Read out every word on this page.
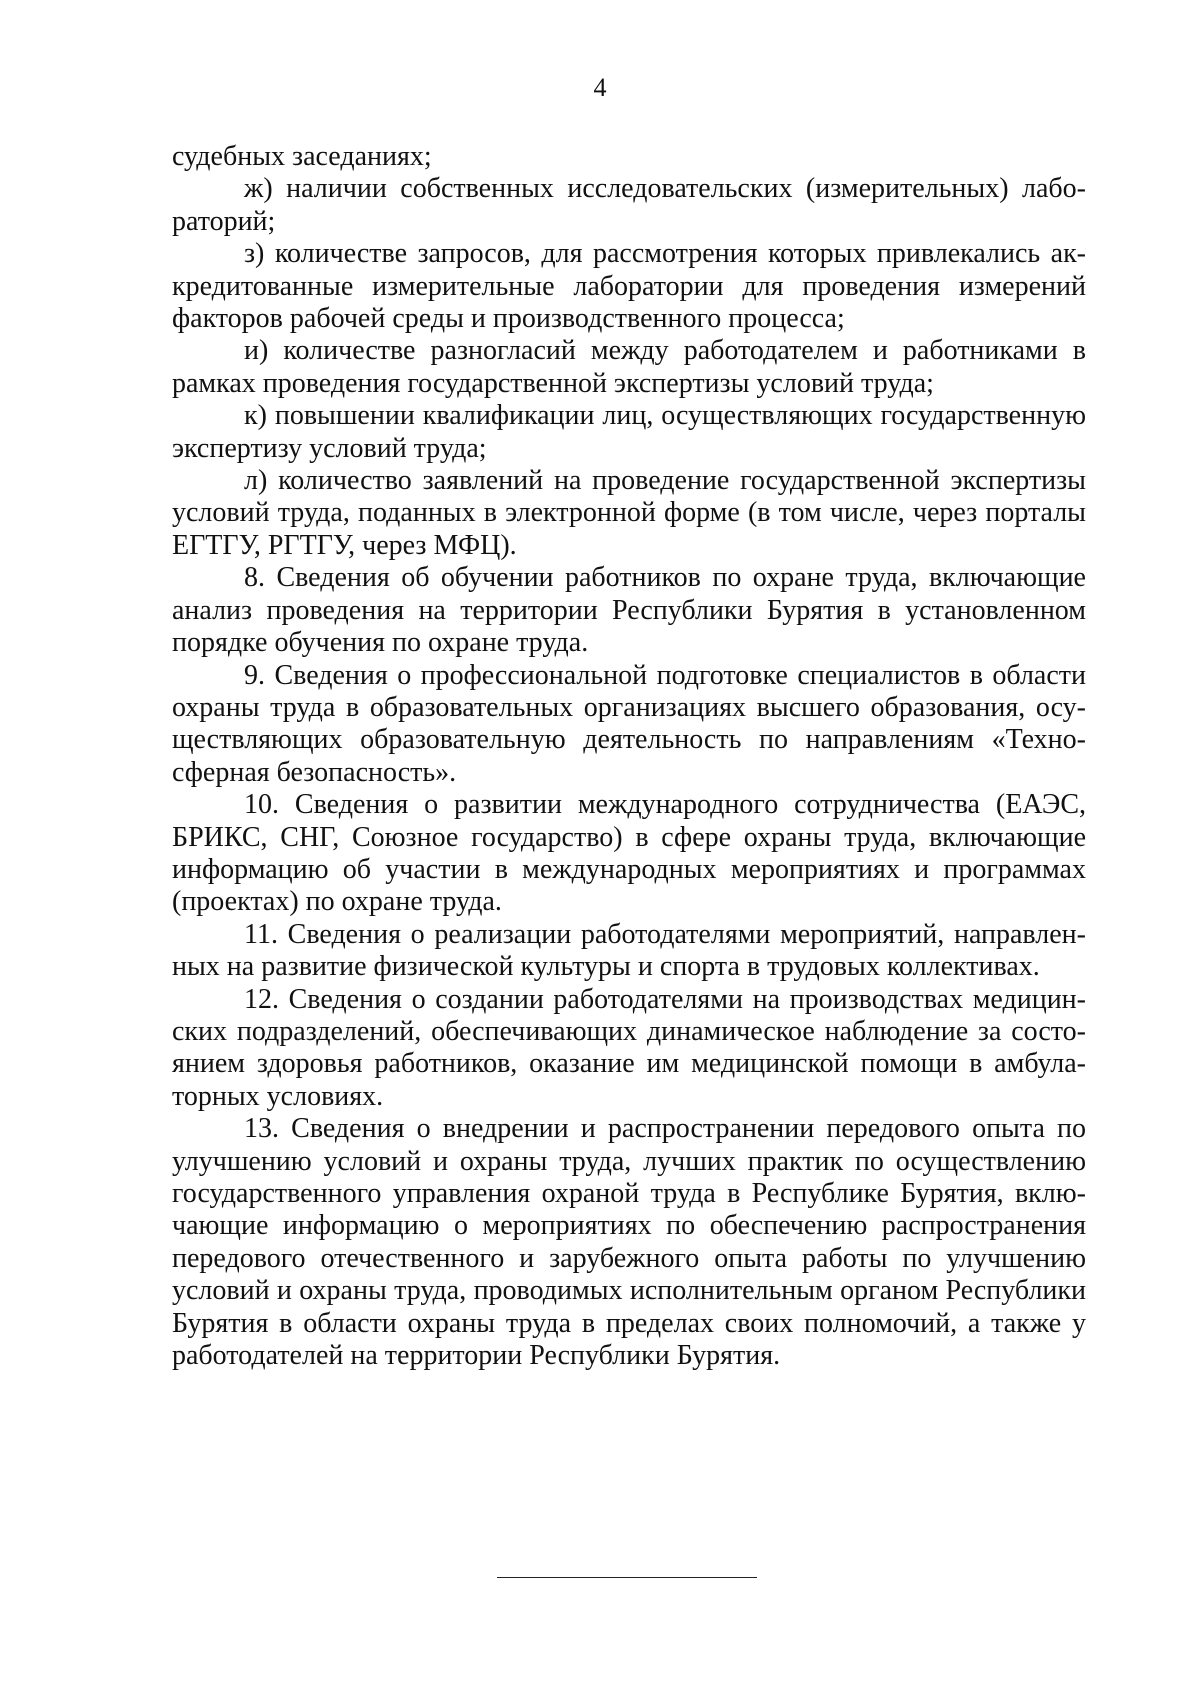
4

судебных заседаниях;

ж) наличии собственных исследовательских (измерительных) лабораторий;

з) количестве запросов, для рассмотрения которых привлекались аккредитованные измерительные лаборатории для проведения измерений факторов рабочей среды и производственного процесса;

и) количестве разногласий между работодателем и работниками в рамках проведения государственной экспертизы условий труда;

к) повышении квалификации лиц, осуществляющих государственную экспертизу условий труда;

л) количество заявлений на проведение государственной экспертизы условий труда, поданных в электронной форме (в том числе, через порталы ЕГТГУ, РГТГУ, через МФЦ).

8. Сведения об обучении работников по охране труда, включающие анализ проведения на территории Республики Бурятия в установленном порядке обучения по охране труда.

9. Сведения о профессиональной подготовке специалистов в области охраны труда в образовательных организациях высшего образования, осуществляющих образовательную деятельность по направлениям «Техносферная безопасность».

10. Сведения о развитии международного сотрудничества (ЕАЭС, БРИКС, СНГ, Союзное государство) в сфере охраны труда, включающие информацию об участии в международных мероприятиях и программах (проектах) по охране труда.

11. Сведения о реализации работодателями мероприятий, направленных на развитие физической культуры и спорта в трудовых коллективах.

12. Сведения о создании работодателями на производствах медицинских подразделений, обеспечивающих динамическое наблюдение за состоянием здоровья работников, оказание им медицинской помощи в амбулаторных условиях.

13. Сведения о внедрении и распространении передового опыта по улучшению условий и охраны труда, лучших практик по осуществлению государственного управления охраной труда в Республике Бурятия, включающие информацию о мероприятиях по обеспечению распространения передового отечественного и зарубежного опыта работы по улучшению условий и охраны труда, проводимых исполнительным органом Республики Бурятия в области охраны труда в пределах своих полномочий, а также у работодателей на территории Республики Бурятия.
